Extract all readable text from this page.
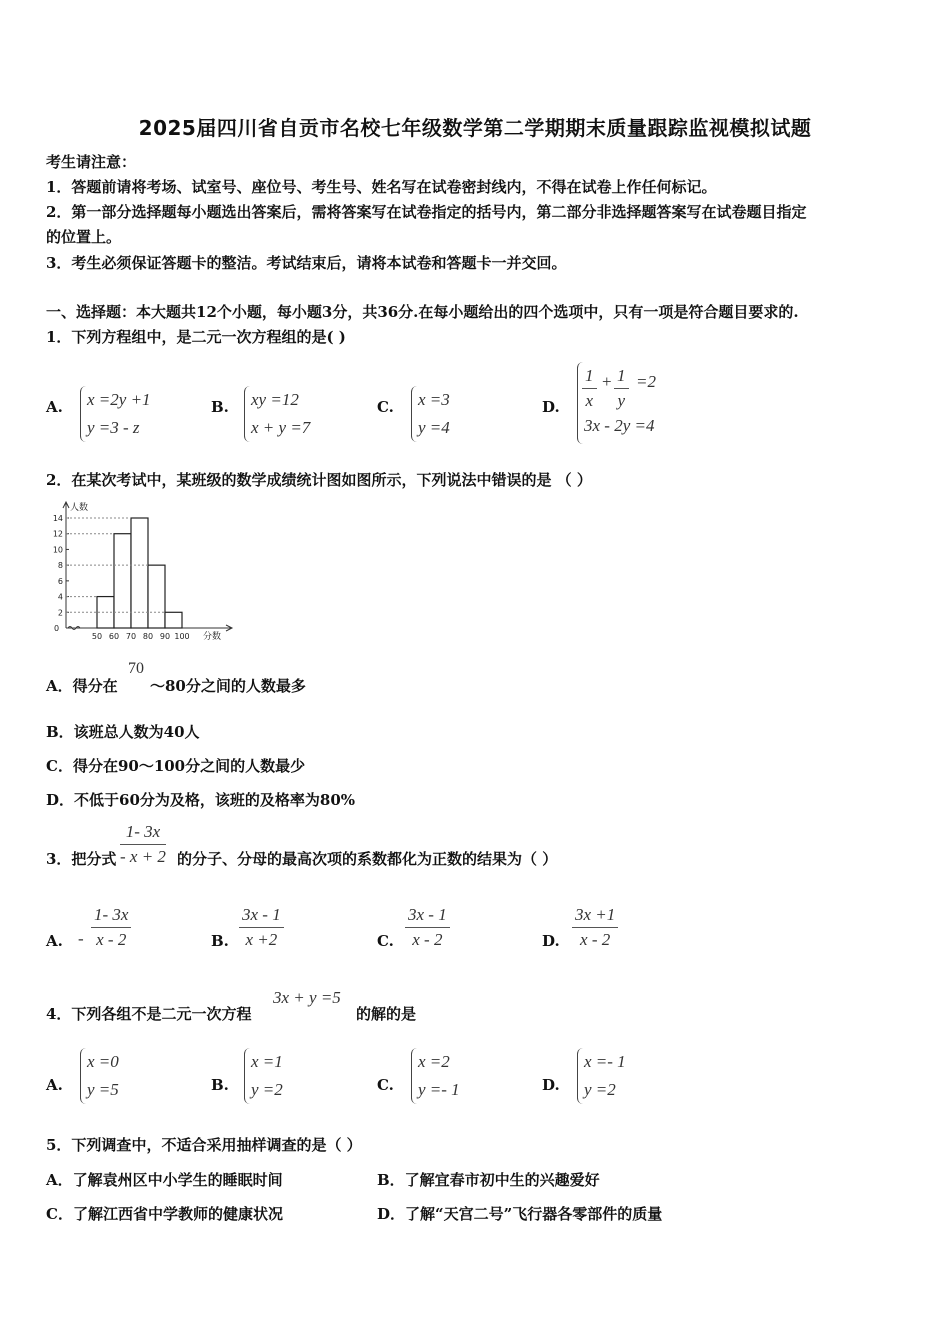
2025届四川省自贡市名校七年级数学第二学期期末质量跟踪监视模拟试题
考生请注意：
1．答题前请将考场、试室号、座位号、考生号、姓名写在试卷密封线内，不得在试卷上作任何标记。
2．第一部分选择题每小题选出答案后，需将答案写在试卷指定的括号内，第二部分非选择题答案写在试卷题目指定
的位置上。
3．考生必须保证答题卡的整洁。考试结束后，请将本试卷和答题卡一并交回。
一、选择题：本大题共12个小题，每小题3分，共36分.在每小题给出的四个选项中，只有一项是符合题目要求的.
1．下列方程组中，是二元一次方程组的是( )
A. x =2y +1
y =3 - z
B. xy =12
x + y =7
C. x =3
y =4
D. $\frac{1}{x} + \frac{1}{y} =2$
3x - 2y =4
2．在某次考试中，某班级的数学成绩统计图如图所示，下列说法中错误的是 （ ）
2
4
6
8
10
12
14
0
50 60 70 80 90 100
人数
分数
A．得分在
70
～80分之间的人数最多
B．该班总人数为40人
C．得分在90～100分之间的人数最少
D．不低于60分为及格，该班的及格率为80%
3．把分式 $\frac{1- 3x}{- x + 2}$ 的分子、分母的最高次项的系数都化为正数的结果为（ ）
A. - $\frac{1- 3x}{x - 2}$	B. $\frac{3x - 1}{x +2}$	C. $\frac{3x - 1}{x - 2}$	D. $\frac{3x +1}{x - 2}$
4．下列各组不是二元一次方程
3x + y =5
的解的是
A.
x =0
y =5	B.
x =1
y =2	C.
x =2
y =- 1	D.
x =- 1
y =2
5．下列调查中，不适合采用抽样调查的是（ ）
A．了解袁州区中小学生的睡眠时间	B．了解宜春市初中生的兴趣爱好
C．了解江西省中学教师的健康状况	D．了解“天宫二号”飞行器各零部件的质量
